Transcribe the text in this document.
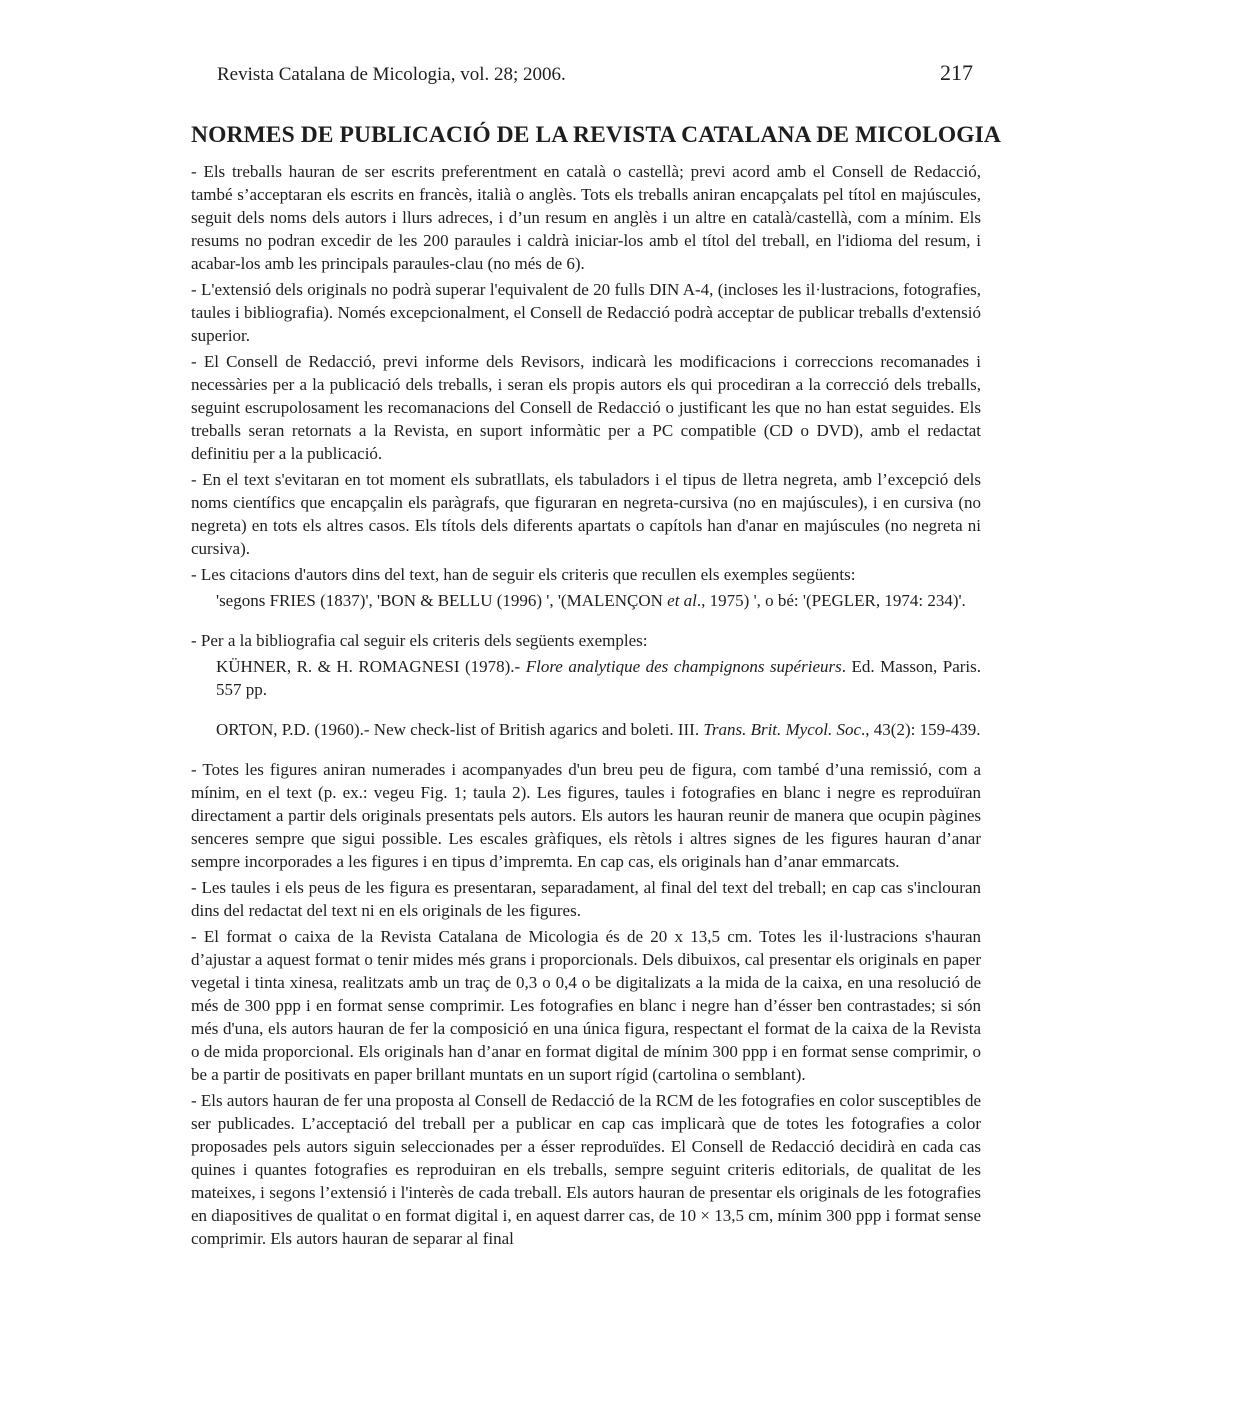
Revista Catalana de Micologia, vol. 28; 2006.	217
NORMES DE PUBLICACIÓ DE LA REVISTA CATALANA DE MICOLOGIA

- Els treballs hauran de ser escrits preferentment en català o castellà; previ acord amb el Consell de Redacció, també s’acceptaran els escrits en francès, italià o anglès. Tots els treballs aniran encapçalats pel títol en majúscules, seguit dels noms dels autors i llurs adreces, i d’un resum en anglès i un altre en català/castellà, com a mínim. Els resums no podran excedir de les 200 paraules i caldrà iniciar-los amb el títol del treball, en l'idioma del resum, i acabar-los amb les principals paraules-clau (no més de 6).

- L'extensió dels originals no podrà superar l'equivalent de 20 fulls DIN A-4, (incloses les il·lustracions, fotografies, taules i bibliografia). Només excepcionalment, el Consell de Redacció podrà acceptar de publicar treballs d'extensió superior.

- El Consell de Redacció, previ informe dels Revisors, indicarà les modificacions i correccions recomanades i necessàries per a la publicació dels treballs, i seran els propis autors els qui procediran a la correcció dels treballs, seguint escrupolosament les recomanacions del Consell de Redacció o justificant les que no han estat seguides. Els treballs seran retornats a la Revista, en suport informàtic per a PC compatible (CD o DVD), amb el redactat definitiu per a la publicació.

- En el text s'evitaran en tot moment els subratllats, els tabuladors i el tipus de lletra negreta, amb l’excepció dels noms científics que encapçalin els paràgrafs, que figuraran en negreta-cursiva (no en majúscules), i en cursiva (no negreta) en tots els altres casos. Els títols dels diferents apartats o capítols han d'anar en majúscules (no negreta ni cursiva).

- Les citacions d'autors dins del text, han de seguir els criteris que recullen els exemples següents:

'segons FRIES (1837)', 'BON & BELLU (1996) ', '(MALENÇON et al., 1975) ', o bé: '(PEGLER, 1974: 234)'.

- Per a la bibliografia cal seguir els criteris dels següents exemples:

KÜHNER, R. & H. ROMAGNESI (1978).- Flore analytique des champignons supérieurs. Ed. Masson, Paris. 557 pp.

ORTON, P.D. (1960).- New check-list of British agarics and boleti. III. Trans. Brit. Mycol. Soc., 43(2): 159-439.

- Totes les figures aniran numerades i acompanyades d'un breu peu de figura, com també d’una remissió, com a mínim, en el text (p. ex.: vegeu Fig. 1; taula 2). Les figures, taules i fotografies en blanc i negre es reproduïran directament a partir dels originals presentats pels autors. Els autors les hauran reunir de manera que ocupin pàgines senceres sempre que sigui possible. Les escales gràfiques, els rètols i altres signes de les figures hauran d’anar sempre incorporades a les figures i en tipus d’impremta. En cap cas, els originals han d’anar emmarcats.

- Les taules i els peus de les figura es presentaran, separadament, al final del text del treball; en cap cas s'inclouran dins del redactat del text ni en els originals de les figures.

- El format o caixa de la Revista Catalana de Micologia és de 20 x 13,5 cm. Totes les il·lustracions s'hauran d’ajustar a aquest format o tenir mides més grans i proporcionals. Dels dibuixos, cal presentar els originals en paper vegetal i tinta xinesa, realitzats amb un traç de 0,3 o 0,4 o be digitalizats a la mida de la caixa, en una resolució de més de 300 ppp i en format sense comprimir. Les fotografies en blanc i negre han d’ésser ben contrastades; si són més d'una, els autors hauran de fer la composició en una única figura, respectant el format de la caixa de la Revista o de mida proporcional. Els originals han d’anar en format digital de mínim 300 ppp i en format sense comprimir, o be a partir de positivats en paper brillant muntats en un suport rígid (cartolina o semblant).

- Els autors hauran de fer una proposta al Consell de Redacció de la RCM de les fotografies en color susceptibles de ser publicades. L’acceptació del treball per a publicar en cap cas implicarà que de totes les fotografies a color proposades pels autors siguin seleccionades per a ésser reproduïdes. El Consell de Redacció decidirà en cada cas quines i quantes fotografies es reproduiran en els treballs, sempre seguint criteris editorials, de qualitat de les mateixes, i segons l’extensió i l'interès de cada treball. Els autors hauran de presentar els originals de les fotografies en diapositives de qualitat o en format digital i, en aquest darrer cas, de 10 × 13,5 cm, mínim 300 ppp i format sense comprimir. Els autors hauran de separar al final
